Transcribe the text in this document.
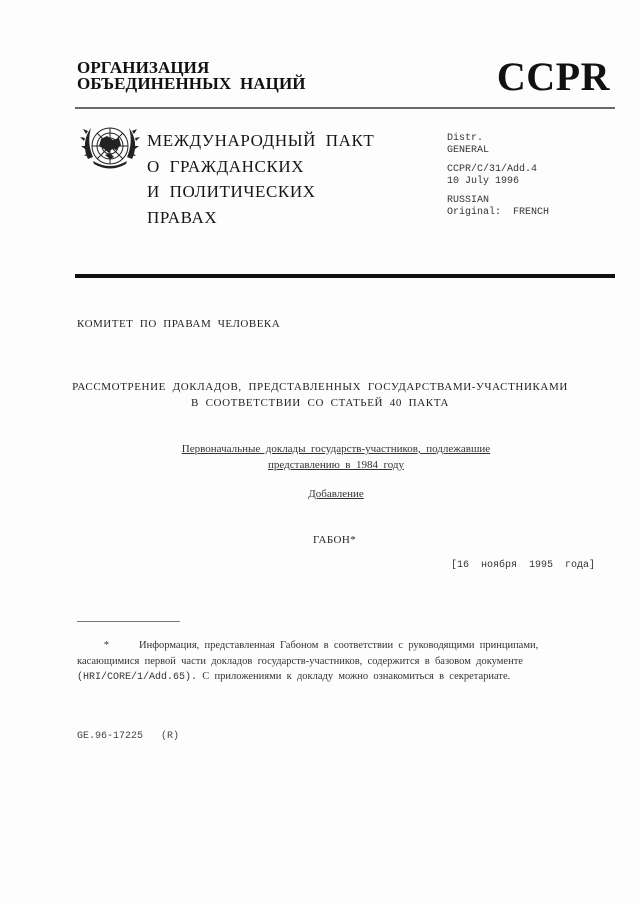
ОРГАНИЗАЦИЯ
ОБЪЕДИНЕННЫХ  НАЦИЙ	CCPR
МЕЖДУНАРОДНЫЙ  ПАКТ
О  ГРАЖДАНСКИХ
И  ПОЛИТИЧЕСКИХ
ПРАВАХ
Distr.
GENERAL
CCPR/C/31/Add.4
10 July 1996
RUSSIAN
Original:  FRENCH
КОМИТЕТ  ПО  ПРАВАМ  ЧЕЛОВЕКА
РАССМОТРЕНИЕ  ДОКЛАДОВ,  ПРЕДСТАВЛЕННЫХ  ГОСУДАРСТВАМИ-УЧАСТНИКАМИ
В  СООТВЕТСТВИИ  СО  СТАТЬЕЙ  40  ПАКТА
Первоначальные  доклады  государств-участников,  подлежавшие
представлению  в  1984  году
Добавление
ГАБОН*
[16  ноября  1995  года]
*	Информация,  представленная  Габоном  в  соответствии  с  руководящими  принципами,
касающимися  первой  части  докладов  государств-участников,  содержится  в  базовом  документе
(HRI/CORE/1/Add.65).  С  приложениями  к  докладу  можно  ознакомиться  в  секретариате.
GE.96-17225   (R)
